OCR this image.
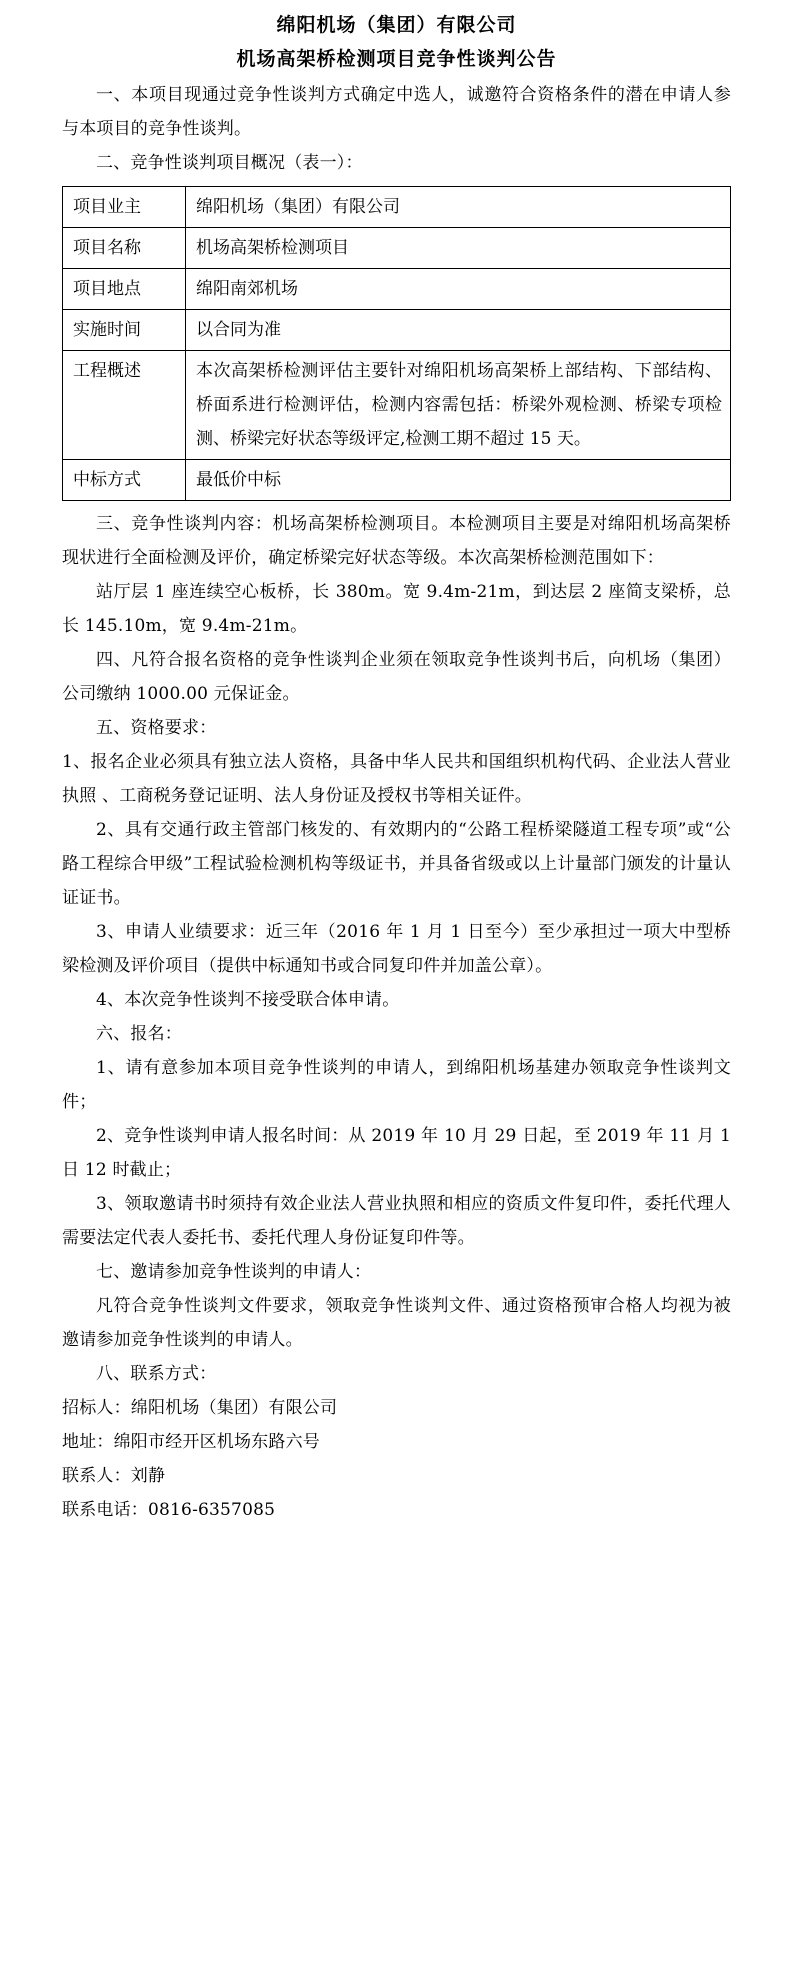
绵阳机场（集团）有限公司
机场高架桥检测项目竞争性谈判公告

一、本项目现通过竞争性谈判方式确定中选人，诚邀符合资格条件的潜在申请人参与本项目的竞争性谈判。

二、竞争性谈判项目概况（表一）：

项目业主	绵阳机场（集团）有限公司
项目名称	机场高架桥检测项目
项目地点	绵阳南郊机场
实施时间	以合同为准
工程概述	本次高架桥检测评估主要针对绵阳机场高架桥上部结构、下部结构、桥面系进行检测评估，检测内容需包括：桥梁外观检测、桥梁专项检测、桥梁完好状态等级评定,检测工期不超过 15 天。
中标方式	最低价中标

三、竞争性谈判内容：机场高架桥检测项目。本检测项目主要是对绵阳机场高架桥现状进行全面检测及评价，确定桥梁完好状态等级。本次高架桥检测范围如下：

站厅层 1 座连续空心板桥，长 380m。宽 9.4m-21m，到达层 2 座简支梁桥，总长 145.10m，宽 9.4m-21m。

四、凡符合报名资格的竞争性谈判企业须在领取竞争性谈判书后，向机场（集团）公司缴纳 1000.00 元保证金。

五、资格要求：

1、报名企业必须具有独立法人资格，具备中华人民共和国组织机构代码、企业法人营业执照 、工商税务登记证明、法人身份证及授权书等相关证件。

2、具有交通行政主管部门核发的、有效期内的“公路工程桥梁隧道工程专项”或“公路工程综合甲级”工程试验检测机构等级证书，并具备省级或以上计量部门颁发的计量认证证书。

3、申请人业绩要求：近三年（2016 年 1 月 1 日至今）至少承担过一项大中型桥梁检测及评价项目（提供中标通知书或合同复印件并加盖公章）。

4、本次竞争性谈判不接受联合体申请。

六、报名：

1、请有意参加本项目竞争性谈判的申请人，到绵阳机场基建办领取竞争性谈判文件；

2、竞争性谈判申请人报名时间：从 2019 年 10 月 29 日起，至 2019 年 11 月 1 日 12 时截止；

3、领取邀请书时须持有效企业法人营业执照和相应的资质文件复印件，委托代理人需要法定代表人委托书、委托代理人身份证复印件等。

七、邀请参加竞争性谈判的申请人：

凡符合竞争性谈判文件要求，领取竞争性谈判文件、通过资格预审合格人均视为被邀请参加竞争性谈判的申请人。

八、联系方式：

招标人：绵阳机场（集团）有限公司

地址：绵阳市经开区机场东路六号

联系人：刘静

联系电话：0816-6357085
